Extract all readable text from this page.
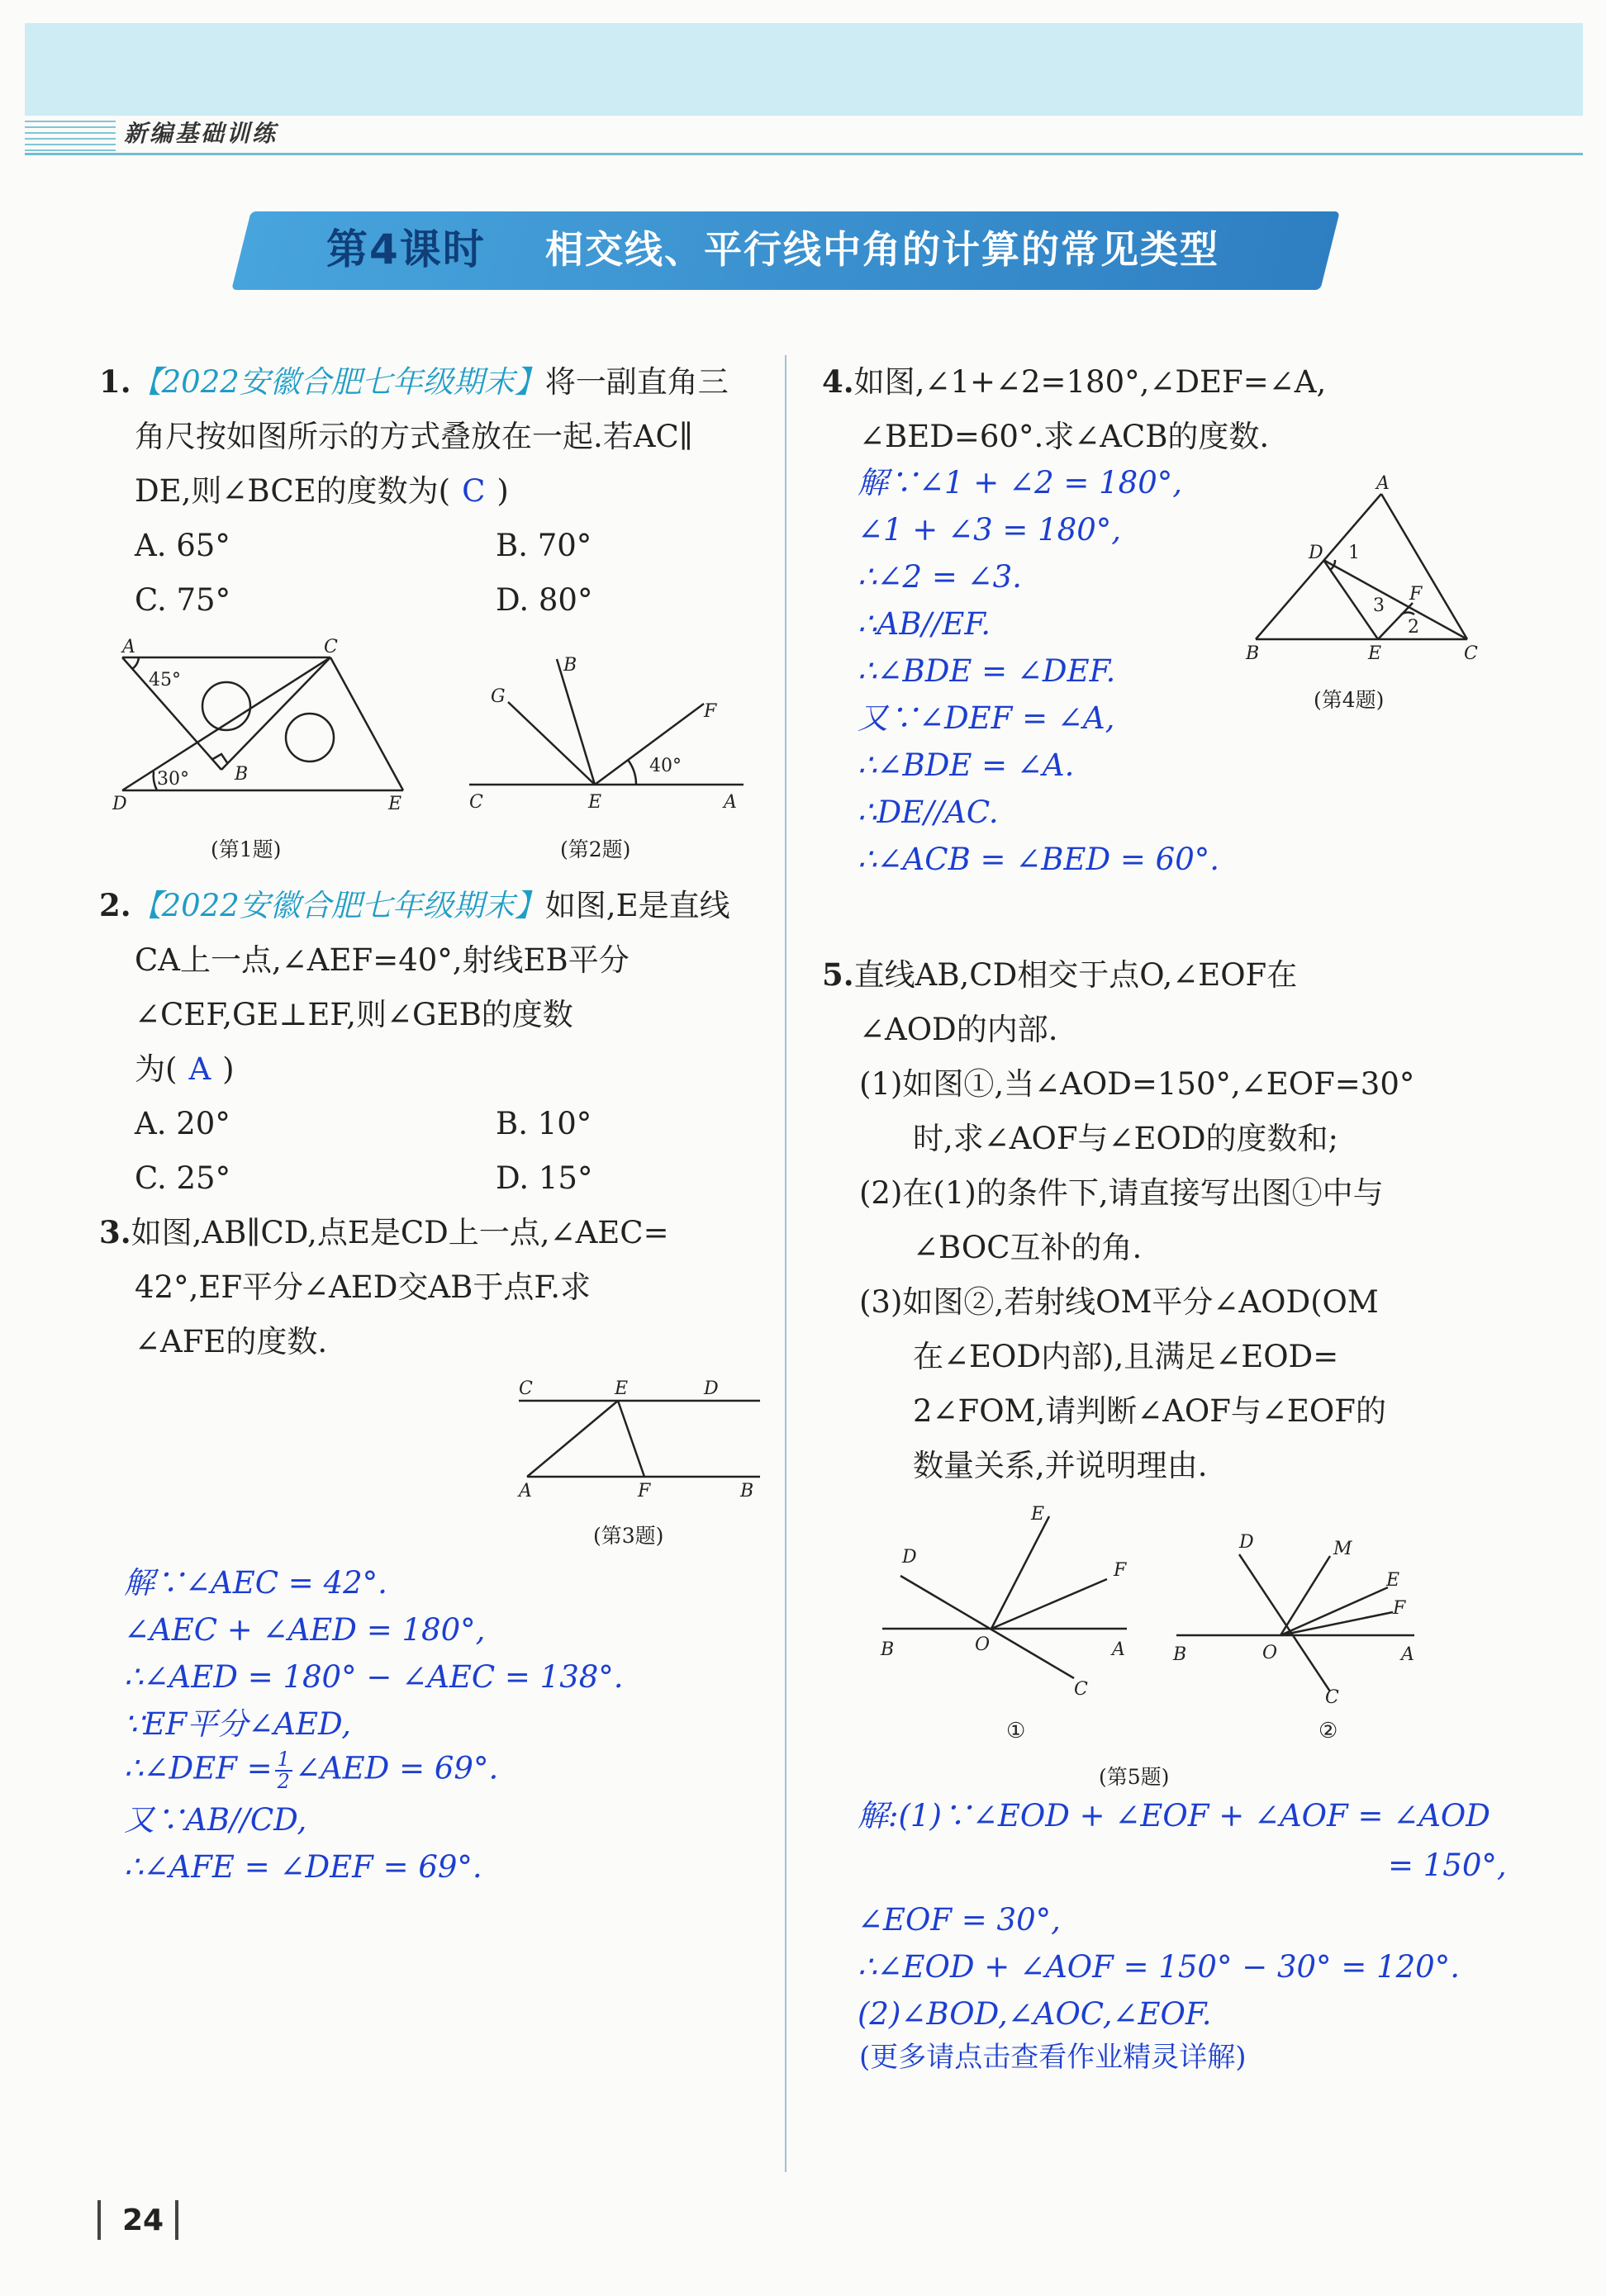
新编基础训练
第4课时 相交线、平行线中角的计算的常见类型
1.【2022安徽合肥七年级期末】将一副直角三
角尺按如图所示的方式叠放在一起.若AC∥
DE,则∠BCE的度数为( C )
A. 65°	B. 70°
C. 75°	D. 80°
A	C
D	E
B
45°
30°
(第1题)
B
G
F
C	E	A
40°
(第2题)
2.【2022安徽合肥七年级期末】如图,E是直线
CA上一点,∠AEF=40°,射线EB平分
∠CEF,GE⊥EF,则∠GEB的度数
为( A )
A. 20°	B. 10°
C. 25°	D. 15°
3.如图,AB∥CD,点E是CD上一点,∠AEC=
42°,EF平分∠AED交AB于点F.求
∠AFE的度数.
C	E	D
A	F	B
(第3题)
解∵∠AEC = 42°.
∠AEC + ∠AED = 180°,
∴∠AED = 180° − ∠AEC = 138°.
∵EF平分∠AED,
∴∠DEF = $\frac{1}{2}$ ∠AED = 69°.
又∵AB//CD,
∴∠AFE = ∠DEF = 69°.
4.如图,∠1+∠2=180°,∠DEF=∠A,
∠BED=60°.求∠ACB的度数.
解∵∠1 + ∠2 = 180°,
∠1 + ∠3 = 180°,
∴∠2 = ∠3.
∴AB//EF.
∴∠BDE = ∠DEF.
又∵∠DEF = ∠A,
∴∠BDE = ∠A.
∴DE//AC.
∴∠ACB = ∠BED = 60°.
A
D 1
F
3
2
B	E	C
(第4题)
5.直线AB,CD相交于点O,∠EOF在
∠AOD的内部.
(1)如图①,当∠AOD=150°,∠EOF=30°
时,求∠AOF与∠EOD的度数和;
(2)在(1)的条件下,请直接写出图①中与
∠BOC互补的角.
(3)如图②,若射线OM平分∠AOD(OM
在∠EOD内部),且满足∠EOD=
2∠FOM,请判断∠AOF与∠EOF的
数量关系,并说明理由.
E
D
F
B	O	A
C
①
D	M
E
F
B	O	A
C
②
(第5题)
解:(1)∵∠EOD + ∠EOF + ∠AOF = ∠AOD
= 150°,
∠EOF = 30°,
∴∠EOD + ∠AOF = 150° − 30° = 120°.
(2)∠BOD,∠AOC,∠EOF.
(更多请点击查看作业精灵详解)
24
